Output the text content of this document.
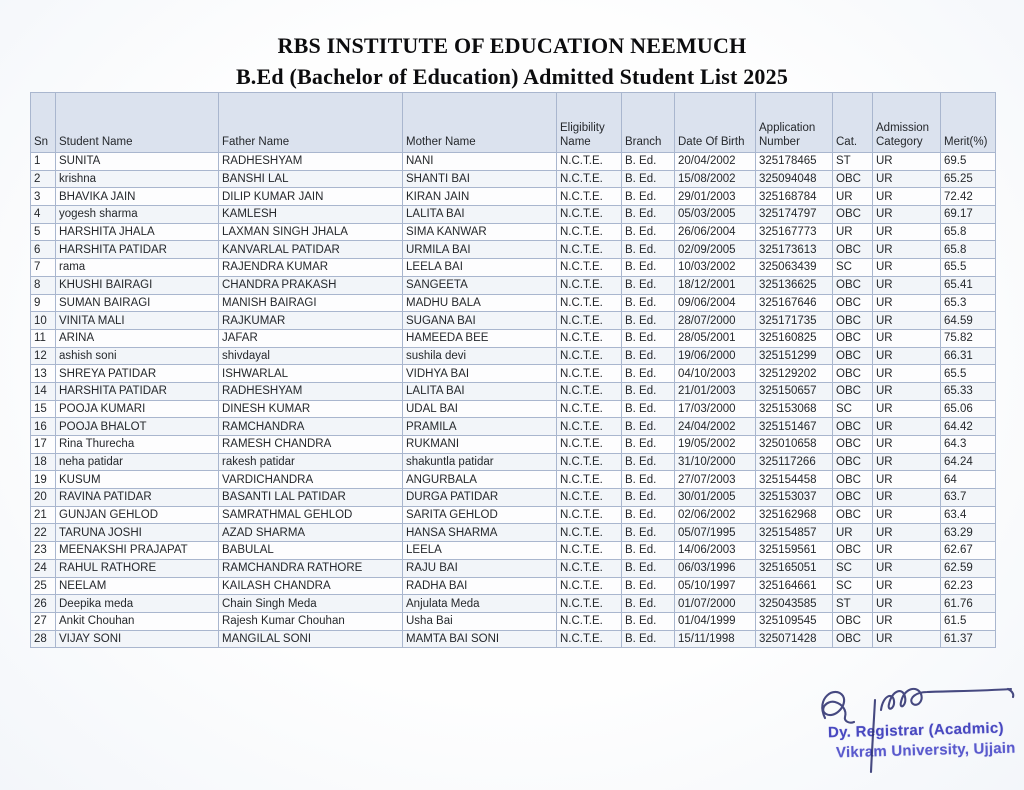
RBS INSTITUTE OF EDUCATION NEEMUCH
B.Ed (Bachelor of Education) Admitted Student List 2025
Sn	Student Name	Father Name	Mother Name	Eligibility Name	Branch	Date Of Birth	Application Number	Cat.	Admission Category	Merit(%)
1	SUNITA	RADHESHYAM	NANI	N.C.T.E.	B. Ed.	20/04/2002	325178465	ST	UR	69.5
2	krishna	BANSHI LAL	SHANTI BAI	N.C.T.E.	B. Ed.	15/08/2002	325094048	OBC	UR	65.25
3	BHAVIKA JAIN	DILIP KUMAR JAIN	KIRAN JAIN	N.C.T.E.	B. Ed.	29/01/2003	325168784	UR	UR	72.42
4	yogesh sharma	KAMLESH	LALITA BAI	N.C.T.E.	B. Ed.	05/03/2005	325174797	OBC	UR	69.17
5	HARSHITA JHALA	LAXMAN SINGH JHALA	SIMA KANWAR	N.C.T.E.	B. Ed.	26/06/2004	325167773	UR	UR	65.8
6	HARSHITA PATIDAR	KANVARLAL PATIDAR	URMILA BAI	N.C.T.E.	B. Ed.	02/09/2005	325173613	OBC	UR	65.8
7	rama	RAJENDRA KUMAR	LEELA BAI	N.C.T.E.	B. Ed.	10/03/2002	325063439	SC	UR	65.5
8	KHUSHI BAIRAGI	CHANDRA PRAKASH	SANGEETA	N.C.T.E.	B. Ed.	18/12/2001	325136625	OBC	UR	65.41
9	SUMAN BAIRAGI	MANISH BAIRAGI	MADHU BALA	N.C.T.E.	B. Ed.	09/06/2004	325167646	OBC	UR	65.3
10	VINITA MALI	RAJKUMAR	SUGANA BAI	N.C.T.E.	B. Ed.	28/07/2000	325171735	OBC	UR	64.59
11	ARINA	JAFAR	HAMEEDA BEE	N.C.T.E.	B. Ed.	28/05/2001	325160825	OBC	UR	75.82
12	ashish soni	shivdayal	sushila devi	N.C.T.E.	B. Ed.	19/06/2000	325151299	OBC	UR	66.31
13	SHREYA PATIDAR	ISHWARLAL	VIDHYA BAI	N.C.T.E.	B. Ed.	04/10/2003	325129202	OBC	UR	65.5
14	HARSHITA PATIDAR	RADHESHYAM	LALITA BAI	N.C.T.E.	B. Ed.	21/01/2003	325150657	OBC	UR	65.33
15	POOJA KUMARI	DINESH KUMAR	UDAL BAI	N.C.T.E.	B. Ed.	17/03/2000	325153068	SC	UR	65.06
16	POOJA BHALOT	RAMCHANDRA	PRAMILA	N.C.T.E.	B. Ed.	24/04/2002	325151467	OBC	UR	64.42
17	Rina Thurecha	RAMESH CHANDRA	RUKMANI	N.C.T.E.	B. Ed.	19/05/2002	325010658	OBC	UR	64.3
18	neha patidar	rakesh patidar	shakuntla patidar	N.C.T.E.	B. Ed.	31/10/2000	325117266	OBC	UR	64.24
19	KUSUM	VARDICHANDRA	ANGURBALA	N.C.T.E.	B. Ed.	27/07/2003	325154458	OBC	UR	64
20	RAVINA PATIDAR	BASANTI LAL PATIDAR	DURGA PATIDAR	N.C.T.E.	B. Ed.	30/01/2005	325153037	OBC	UR	63.7
21	GUNJAN GEHLOD	SAMRATHMAL GEHLOD	SARITA GEHLOD	N.C.T.E.	B. Ed.	02/06/2002	325162968	OBC	UR	63.4
22	TARUNA JOSHI	AZAD SHARMA	HANSA SHARMA	N.C.T.E.	B. Ed.	05/07/1995	325154857	UR	UR	63.29
23	MEENAKSHI PRAJAPAT	BABULAL	LEELA	N.C.T.E.	B. Ed.	14/06/2003	325159561	OBC	UR	62.67
24	RAHUL RATHORE	RAMCHANDRA RATHORE	RAJU BAI	N.C.T.E.	B. Ed.	06/03/1996	325165051	SC	UR	62.59
25	NEELAM	KAILASH CHANDRA	RADHA BAI	N.C.T.E.	B. Ed.	05/10/1997	325164661	SC	UR	62.23
26	Deepika meda	Chain Singh Meda	Anjulata Meda	N.C.T.E.	B. Ed.	01/07/2000	325043585	ST	UR	61.76
27	Ankit Chouhan	Rajesh Kumar Chouhan	Usha Bai	N.C.T.E.	B. Ed.	01/04/1999	325109545	OBC	UR	61.5
28	VIJAY SONI	MANGILAL SONI	MAMTA BAI SONI	N.C.T.E.	B. Ed.	15/11/1998	325071428	OBC	UR	61.37
Dy. Registrar (Acadmic)
Vikram University, Ujjain
